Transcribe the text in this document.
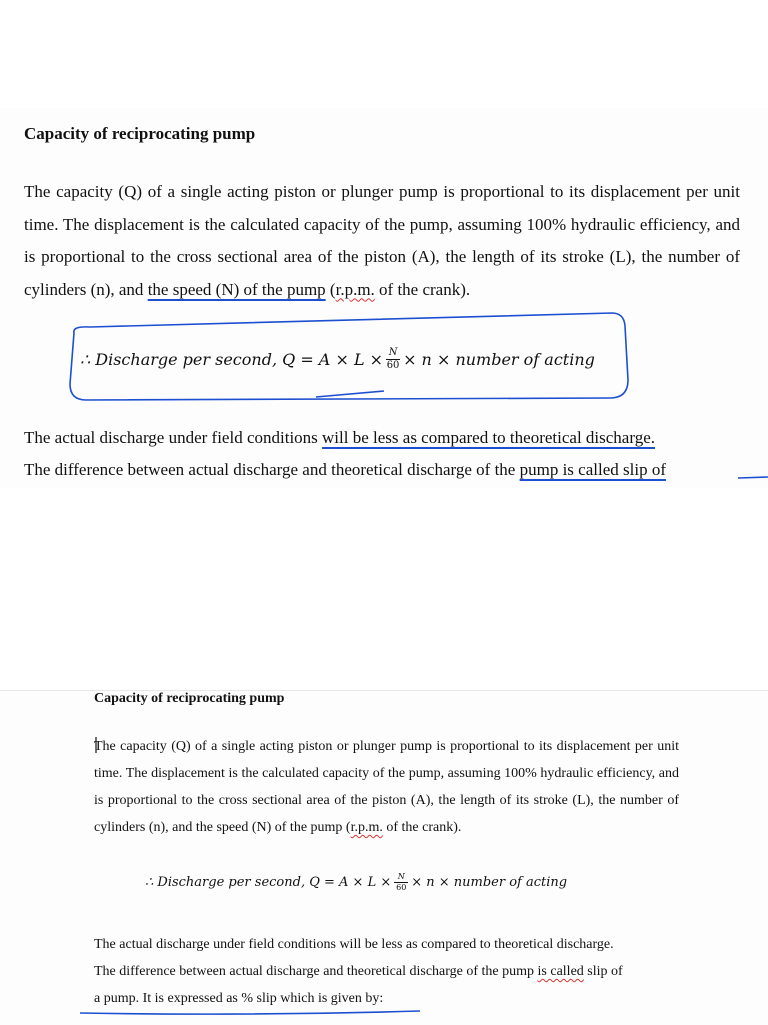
Capacity of reciprocating pump
The capacity (Q) of a single acting piston or plunger pump is proportional to its displacement per unit time. The displacement is the calculated capacity of the pump, assuming 100% hydraulic efficiency, and is proportional to the cross sectional area of the piston (A), the length of its stroke (L), the number of cylinders (n), and the speed (N) of the pump (r.p.m. of the crank).
∴ Discharge per second, $Q = A \times L \times \frac{N}{60} \times n$ × number of acting
The actual discharge under field conditions will be less as compared to theoretical discharge.
The difference between actual discharge and theoretical discharge of the pump is called slip of
Capacity of reciprocating pump
The capacity (Q) of a single acting piston or plunger pump is proportional to its displacement per unit time. The displacement is the calculated capacity of the pump, assuming 100% hydraulic efficiency, and is proportional to the cross sectional area of the piston (A), the length of its stroke (L), the number of cylinders (n), and the speed (N) of the pump (r.p.m. of the crank).
∴ Discharge per second, $Q = A \times L \times \frac{N}{60} \times n$ × number of acting
The actual discharge under field conditions will be less as compared to theoretical discharge.
The difference between actual discharge and theoretical discharge of the pump is called slip of
a pump. It is expressed as % slip which is given by:
